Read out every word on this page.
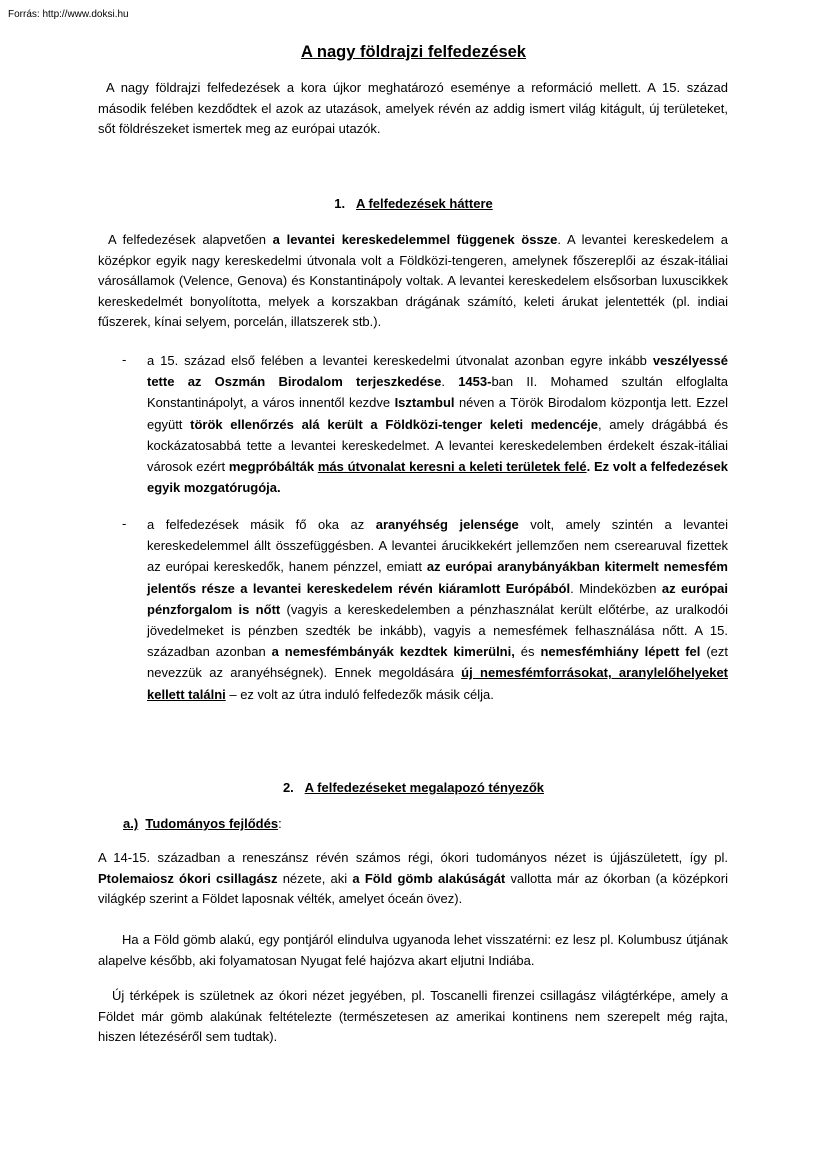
Forrás: http://www.doksi.hu
A nagy földrajzi felfedezések
A nagy földrajzi felfedezések a kora újkor meghatározó eseménye a reformáció mellett. A 15. század második felében kezdődtek el azok az utazások, amelyek révén az addig ismert világ kitágult, új területeket, sőt földrészeket ismertek meg az európai utazók.
1. A felfedezések háttere
A felfedezések alapvetően a levantei kereskedelemmel függenek össze. A levantei kereskedelem a középkor egyik nagy kereskedelmi útvonala volt a Földközi-tengeren, amelynek főszereplői az észak-itáliai városállamok (Velence, Genova) és Konstantinápoly voltak. A levantei kereskedelem elsősorban luxuscikkek kereskedelmét bonyolította, melyek a korszakban drágának számító, keleti árukat jelentették (pl. indiai fűszerek, kínai selyem, porcelán, illatszerek stb.).
- a 15. század első felében a levantei kereskedelmi útvonalat azonban egyre inkább veszélyessé tette az Oszmán Birodalom terjeszkedése. 1453-ban II. Mohamed szultán elfoglalta Konstantinápolyt, a város innentől kezdve Isztambul néven a Török Birodalom központja lett. Ezzel együtt török ellenőrzés alá került a Földközi-tenger keleti medencéje, amely drágábbá és kockázatosabbá tette a levantei kereskedelmet. A levantei kereskedelemben érdekelt észak-itáliai városok ezért megpróbálták más útvonalat keresni a keleti területek felé. Ez volt a felfedezések egyik mozgatórugója.
- a felfedezések másik fő oka az aranyéhség jelensége volt, amely szintén a levantei kereskedelemmel állt összefüggésben. A levantei árucikkekért jellemzően nem cserearuval fizettek az európai kereskedők, hanem pénzzel, emiatt az európai aranybányákban kitermelt nemesfém jelentős része a levantei kereskedelem révén kiáramlott Európából. Mindeközben az európai pénzforgalom is nőtt (vagyis a kereskedelemben a pénzhasználat került előtérbe, az uralkodói jövedelmeket is pénzben szedték be inkább), vagyis a nemesfémek felhasználása nőtt. A 15. században azonban a nemesfémbányák kezdtek kimerülni, és nemesfémhiány lépett fel (ezt nevezzük az aranyéhségnek). Ennek megoldására új nemesfémforrásokat, aranylelőhelyeket kellett találni – ez volt az útra induló felfedezők másik célja.
2. A felfedezéseket megalapozó tényezők
a.) Tudományos fejlődés:
A 14-15. században a reneszánsz révén számos régi, ókori tudományos nézet is újjászületett, így pl. Ptolemaiosz ókori csillagász nézete, aki a Föld gömb alakúságát vallotta már az ókorban (a középkori világkép szerint a Földet laposnak vélték, amelyet óceán övez).
Ha a Föld gömb alakú, egy pontjáról elindulva ugyanoda lehet visszatérni: ez lesz pl. Kolumbusz útjának alapelve később, aki folyamatosan Nyugat felé hajózva akart eljutni Indiába.
Új térképek is születnek az ókori nézet jegyében, pl. Toscanelli firenzei csillagász világtérképe, amely a Földet már gömb alakúnak feltételezte (természetesen az amerikai kontinens nem szerepelt még rajta, hiszen létezéséről sem tudtak).
